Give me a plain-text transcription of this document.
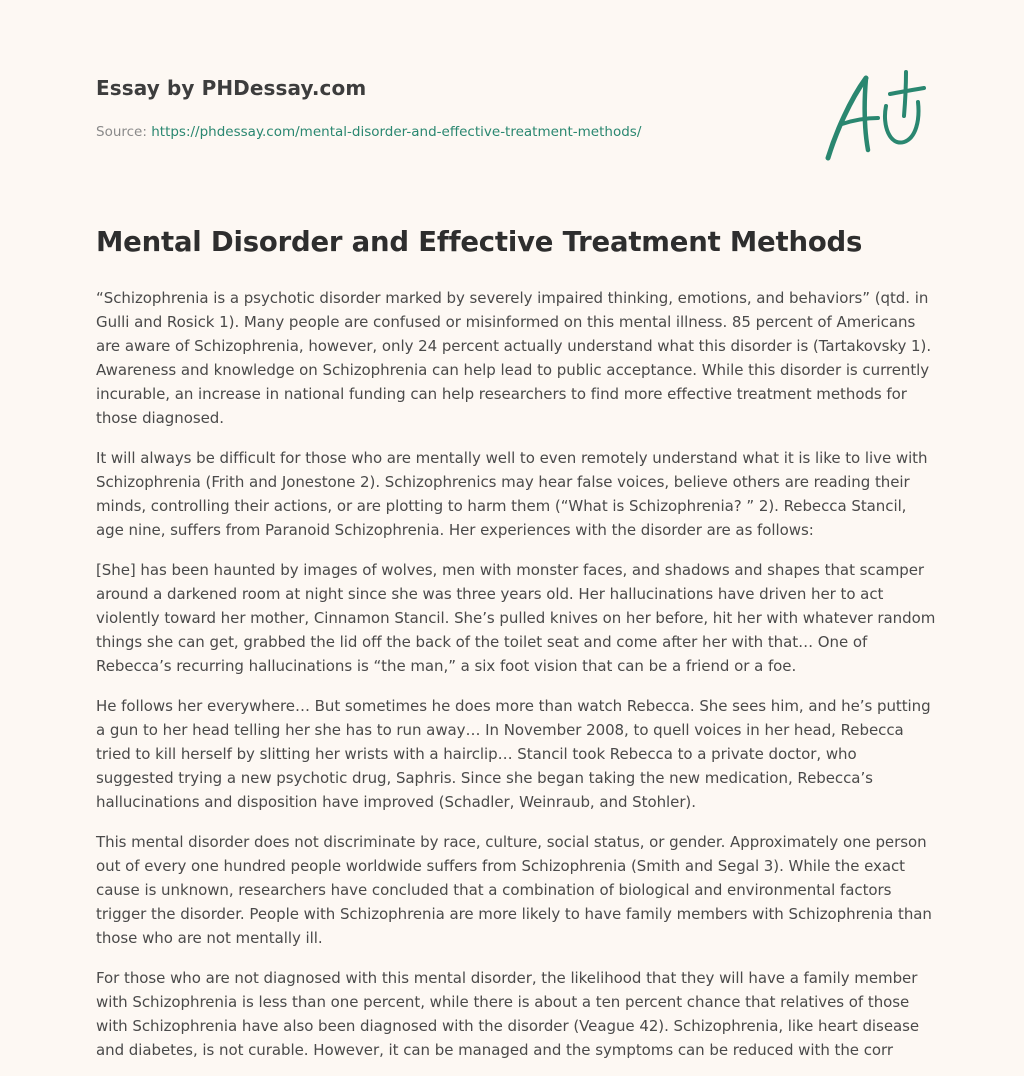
Essay by PHDessay.com

Source: https://phdessay.com/mental-disorder-and-effective-treatment-methods/

Mental Disorder and Effective Treatment Methods

“Schizophrenia is a psychotic disorder marked by severely impaired thinking, emotions, and behaviors” (qtd. in Gulli and Rosick 1). Many people are confused or misinformed on this mental illness. 85 percent of Americans are aware of Schizophrenia, however, only 24 percent actually understand what this disorder is (Tartakovsky 1). Awareness and knowledge on Schizophrenia can help lead to public acceptance. While this disorder is currently incurable, an increase in national funding can help researchers to find more effective treatment methods for those diagnosed.

It will always be difficult for those who are mentally well to even remotely understand what it is like to live with Schizophrenia (Frith and Jonestone 2). Schizophrenics may hear false voices, believe others are reading their minds, controlling their actions, or are plotting to harm them (“What is Schizophrenia? ” 2). Rebecca Stancil, age nine, suffers from Paranoid Schizophrenia. Her experiences with the disorder are as follows:

[She] has been haunted by images of wolves, men with monster faces, and shadows and shapes that scamper around a darkened room at night since she was three years old. Her hallucinations have driven her to act violently toward her mother, Cinnamon Stancil. She’s pulled knives on her before, hit her with whatever random things she can get, grabbed the lid off the back of the toilet seat and come after her with that… One of Rebecca’s recurring hallucinations is “the man,” a six foot vision that can be a friend or a foe.

He follows her everywhere… But sometimes he does more than watch Rebecca. She sees him, and he’s putting a gun to her head telling her she has to run away… In November 2008, to quell voices in her head, Rebecca tried to kill herself by slitting her wrists with a hairclip… Stancil took Rebecca to a private doctor, who suggested trying a new psychotic drug, Saphris. Since she began taking the new medication, Rebecca’s hallucinations and disposition have improved (Schadler, Weinraub, and Stohler).

This mental disorder does not discriminate by race, culture, social status, or gender. Approximately one person out of every one hundred people worldwide suffers from Schizophrenia (Smith and Segal 3). While the exact cause is unknown, researchers have concluded that a combination of biological and environmental factors trigger the disorder. People with Schizophrenia are more likely to have family members with Schizophrenia than those who are not mentally ill.

For those who are not diagnosed with this mental disorder, the likelihood that they will have a family member with Schizophrenia is less than one percent, while there is about a ten percent chance that relatives of those with Schizophrenia have also been diagnosed with the disorder (Veague 42). Schizophrenia, like heart disease and diabetes, is not curable. However, it can be managed and the symptoms can be reduced with the corr
